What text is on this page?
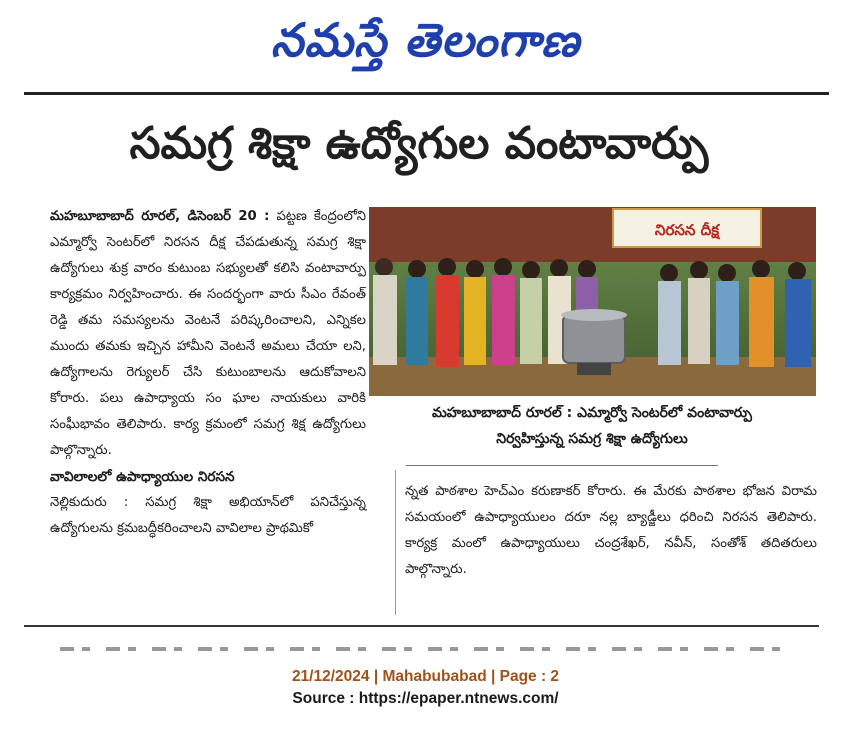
నమస్తే తెలంగాణ
సమగ్ర శిక్షా ఉద్యోగుల వంటావార్పు

మహబూబాబాద్‌ రూరల్‌, డిసెంబర్‌ 20 : పట్టణ కేంద్రంలోని ఎమ్మార్వో సెంటర్‌లో నిరసన దీక్ష చేపడుతున్న సమగ్ర శిక్షా ఉద్యోగులు శుక్ర వారం కుటుంబ సభ్యులతో కలిసి వంటావార్పు కార్యక్రమం నిర్వహించారు. ఈ సందర్భంగా వారు సీఎం రేవంత్‌ రెడ్డి తమ సమస్యలను వెంటనే పరిష్కరించాలని, ఎన్నికల ముందు తమకు ఇచ్చిన హామీని వెంటనే అమలు చేయా లని, ఉద్యోగాలను రెగ్యులర్‌ చేసి కుటుంబాలను ఆదుకోవాలని కోరారు. పలు ఉపాధ్యాయ సం ఘాల నాయకులు వారికి సంఘీభావం తెలిపారు. కార్య క్రమంలో సమగ్ర శిక్ష ఉద్యోగులు పాల్గొన్నారు.

వావిలాలలో ఉపాధ్యాయుల నిరసన

నెల్లికుదురు : సమగ్ర శిక్షా అభియాన్‌లో పనిచేస్తున్న ఉద్యోగులను క్రమబద్ధీకరించాలని వావిలాల ప్రాథమికో

నిరసన దీక్ష
మహబూబాబాద్‌ రూరల్‌ : ఎమ్మార్వో సెంటర్‌లో వంటావార్పు
నిర్వహిస్తున్న సమగ్ర శిక్షా ఉద్యోగులు

న్నత పాఠశాల హెచ్‌ఎం కరుణాకర్‌ కోరారు. ఈ మేరకు పాఠశాల భోజన విరామ సమయంలో ఉపాధ్యాయులం దరూ నల్ల బ్యాడ్జీలు ధరించి నిరసన తెలిపారు. కార్యక్ర మంలో ఉపాధ్యాయులు చంద్రశేఖర్‌, నవీన్‌, సంతోశ్‌ తదితరులు పాల్గొన్నారు.

21/12/2024 | Mahabubabad | Page : 2
Source : https://epaper.ntnews.com/
